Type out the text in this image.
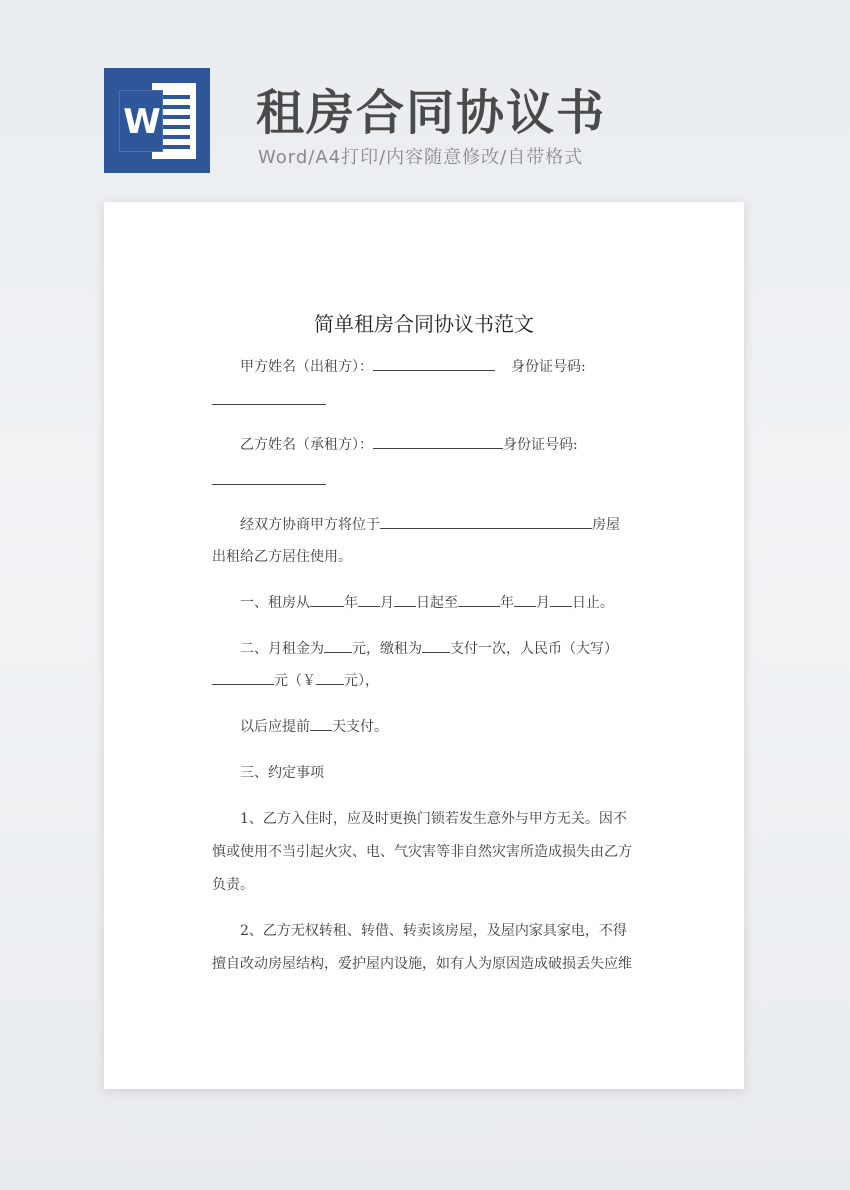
W 租房合同协议书
Word/A4打印/内容随意修改/自带格式
简单租房合同协议书范文
甲方姓名（出租方）：	身份证号码:
乙方姓名（承租方）：	身份证号码:
经双方协商甲方将位于	房屋
出租给乙方居住使用。
一、租房从 年 月 日起至	年 月 日止。
二、月租金为 元，缴租为 支付一次，人民币（大写）
元（￥ 元），
以后应提前 天支付。
三、约定事项
1、乙方入住时，应及时更换门锁若发生意外与甲方无关。因不
慎或使用不当引起火灾、电、气灾害等非自然灾害所造成损失由乙方
负责。
2、乙方无权转租、转借、转卖该房屋，及屋内家具家电，不得
擅自改动房屋结构，爱护屋内设施，如有人为原因造成破损丢失应维
